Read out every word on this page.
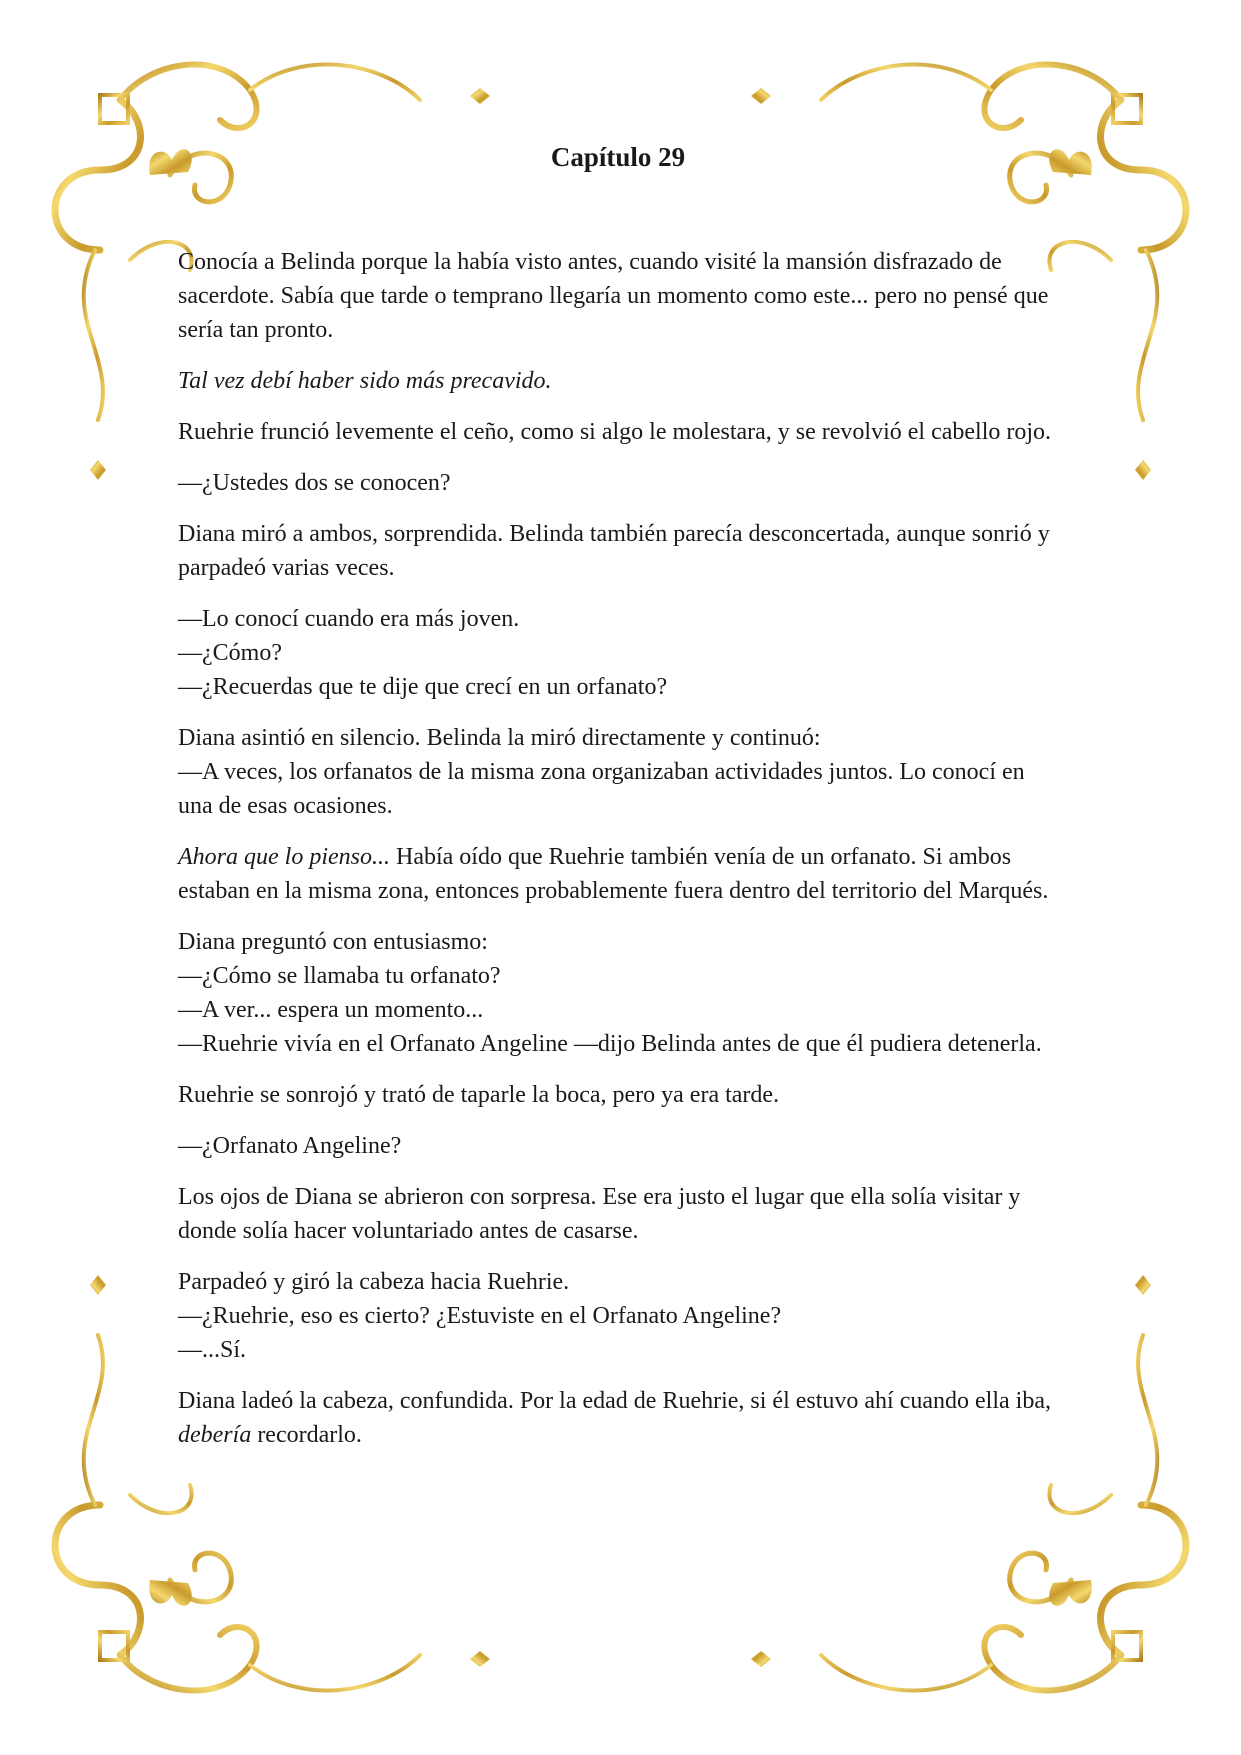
Capítulo 29

Conocía a Belinda porque la había visto antes, cuando visité la mansión disfrazado de sacerdote. Sabía que tarde o temprano llegaría un momento como este... pero no pensé que sería tan pronto.

Tal vez debí haber sido más precavido.

Ruehrie frunció levemente el ceño, como si algo le molestara, y se revolvió el cabello rojo.

—¿Ustedes dos se conocen?

Diana miró a ambos, sorprendida. Belinda también parecía desconcertada, aunque sonrió y parpadeó varias veces.

—Lo conocí cuando era más joven.
—¿Cómo?
—¿Recuerdas que te dije que crecí en un orfanato?

Diana asintió en silencio. Belinda la miró directamente y continuó:
—A veces, los orfanatos de la misma zona organizaban actividades juntos. Lo conocí en una de esas ocasiones.

Ahora que lo pienso... Había oído que Ruehrie también venía de un orfanato. Si ambos estaban en la misma zona, entonces probablemente fuera dentro del territorio del Marqués.

Diana preguntó con entusiasmo:
—¿Cómo se llamaba tu orfanato?
—A ver... espera un momento...
—Ruehrie vivía en el Orfanato Angeline —dijo Belinda antes de que él pudiera detenerla.

Ruehrie se sonrojó y trató de taparle la boca, pero ya era tarde.

—¿Orfanato Angeline?

Los ojos de Diana se abrieron con sorpresa. Ese era justo el lugar que ella solía visitar y donde solía hacer voluntariado antes de casarse.

Parpadeó y giró la cabeza hacia Ruehrie.
—¿Ruehrie, eso es cierto? ¿Estuviste en el Orfanato Angeline?
—...Sí.

Diana ladeó la cabeza, confundida. Por la edad de Ruehrie, si él estuvo ahí cuando ella iba, debería recordarlo.
